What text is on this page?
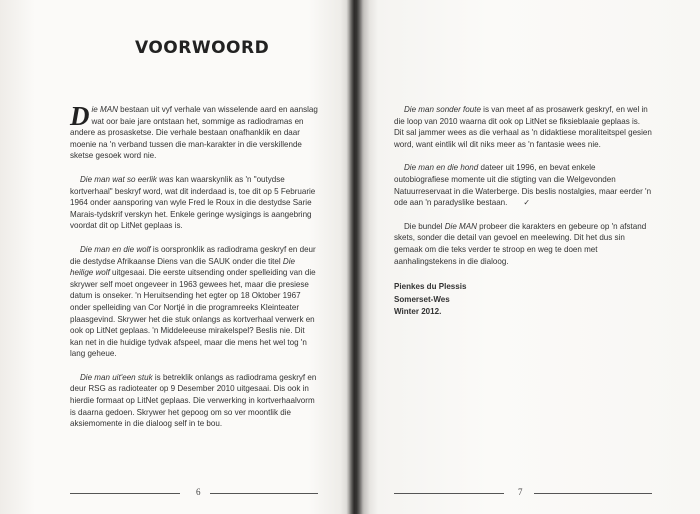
VOORWOORD

Die MAN bestaan uit vyf verhale van wisselende aard en aanslag wat oor baie jare ontstaan het, sommige as radiodramas en andere as prosasketse. Die verhale bestaan onafhanklik en daar moenie na 'n verband tussen die man-karakter in die verskillende sketse gesoek word nie.

Die man wat so eerlik was kan waarskynlik as 'n "outydse kortverhaal" beskryf word, wat dit inderdaad is, toe dit op 5 Februarie 1964 onder aansporing van wyle Fred le Roux in die destydse Sarie Marais-tydskrif verskyn het. Enkele geringe wysigings is aangebring voordat dit op LitNet geplaas is.

Die man en die wolf is oorspronklik as radiodrama geskryf en deur die destydse Afrikaanse Diens van die SAUK onder die titel Die heilige wolf uitgesaai. Die eerste uitsending onder spelleiding van die skrywer self moet ongeveer in 1963 gewees het, maar die presiese datum is onseker. 'n Heruitsending het egter op 18 Oktober 1967 onder spelleiding van Cor Nortjé in die programreeks Kleinteater plaasgevind. Skrywer het die stuk onlangs as kortverhaal verwerk en ook op LitNet geplaas. 'n Middeleeuse mirakelspel? Beslis nie. Dit kan net in die huidige tydvak afspeel, maar die mens het wel tog 'n lang geheue.

Die man uit'een stuk is betreklik onlangs as radiodrama geskryf en deur RSG as radioteater op 9 Desember 2010 uitgesaai. Dis ook in hierdie formaat op LitNet geplaas. Die verwerking in kortverhaalvorm is daarna gedoen. Skrywer het gepoog om so ver moontlik die aksiemomente in die dialoog self in te bou.

6

Die man sonder foute is van meet af as prosawerk geskryf, en wel in die loop van 2010 waarna dit ook op LitNet se fiksieblaaie geplaas is. Dit sal jammer wees as die verhaal as 'n didaktiese moraliteitspel gesien word, want eintlik wil dit niks meer as 'n fantasie wees nie.

Die man en die hond dateer uit 1996, en bevat enkele outobiografiese momente uit die stigting van die Welgevonden Natuurreservaat in die Waterberge. Dis beslis nostalgies, maar eerder 'n ode aan 'n paradyslike bestaan. ✓

Die bundel Die MAN probeer die karakters en gebeure op 'n afstand skets, sonder die detail van gevoel en meelewing. Dit het dus sin gemaak om die teks verder te stroop en weg te doen met aanhalingstekens in die dialoog.

Pienkes du Plessis
Somerset-Wes
Winter 2012.
7
